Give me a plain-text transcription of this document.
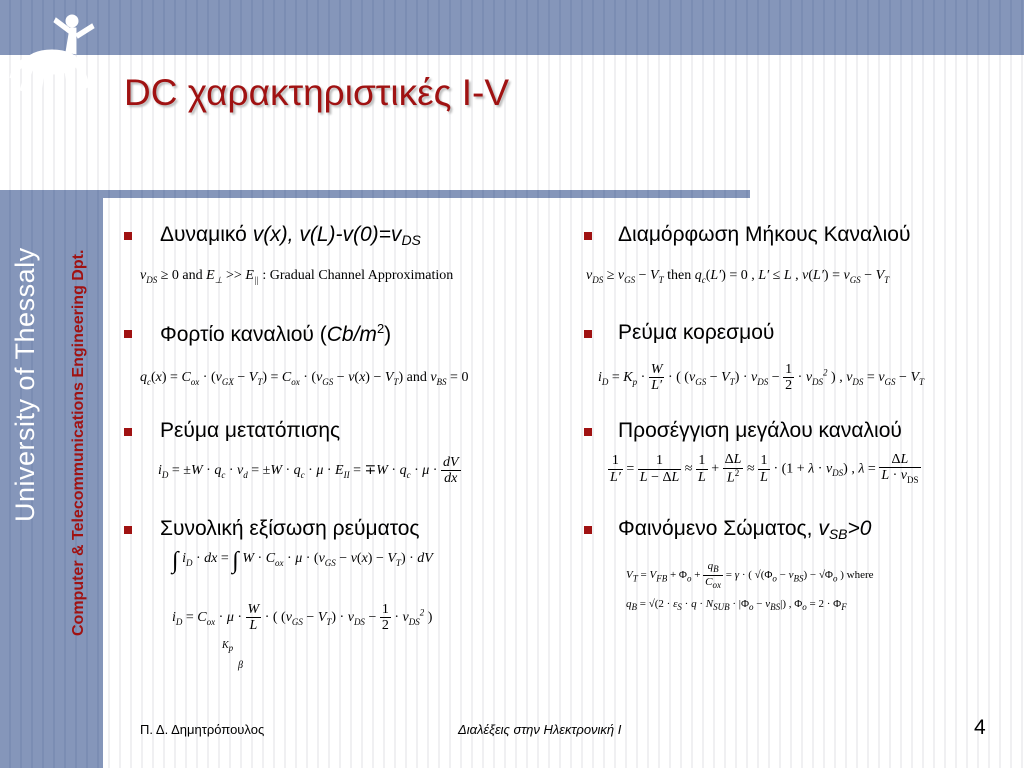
University of Thessaly Computer & Telecommunications Engineering Dpt.
DC χαρακτηριστικές I-V
Δυναμικό v(x), v(L)-v(0)=vDS
$v_{DS} \ge 0$ and $E_\perp >> E_{||}$ : Gradual Channel Approximation
Φορτίο καναλιού $(Cb/m^2)$
$q_c(x) = C_{ox} \cdot (v_{GX} - V_T) = C_{ox} \cdot (v_{GS} - v(x) - V_T)$ and $v_{BS} = 0$
Ρεύμα μετατόπισης
$i_D = \pm W \cdot q_c \cdot v_d = \pm W \cdot q_c \cdot \mu \cdot E_{II} = \mp W \cdot q_c \cdot \mu \cdot \frac{dV}{dx}$
Συνολική εξίσωση ρεύματος
∫ $i_D$ · dx = ∫ $W \cdot C_{ox} \cdot \mu \cdot (v_{GS} - v(x) - V_T)$ · dV
$i_D = C_{ox} \cdot \mu \cdot \frac{W}{L}$ · ( $(v_{GS} - V_T) \cdot v_{DS} - \frac{1}{2} \cdot v_{DS}^2$ )
$K_p$
β
Διαμόρφωση Μήκους Καναλιού
$v_{DS} \ge v_{GS} - V_T$ then $q_c(L') = 0$ , L′ ≤ L , $v(L') = v_{GS} - V_T$
Ρεύμα κορεσμού
$i_D = K_p \cdot \frac{W}{L'}$ · ( $(v_{GS} - V_T) \cdot v_{DS} - \frac{1}{2} \cdot v_{DS}^2$ ) , $v_{DS} = v_{GS} - V_T$
Προσέγγιση μεγάλου καναλιού
$\frac{1}{L'} = \frac{1}{L - \Delta L} \approx \frac{1}{L} + \frac{\Delta L}{L^2} \approx \frac{1}{L} \cdot (1 + \lambda \cdot v_{DS})$ , $\lambda = \frac{\Delta L}{L \cdot v_{DS}}$
Φαινόμενο Σώματος, vSB>0
$V_T = V_{FB} + \Phi_o + \frac{q_B}{C_{ox}} = \gamma$ · ( $√(\Phi_o - v_{BS}) - √\Phi_o$ ) where
$q_B = √(2 \cdot \varepsilon_S \cdot q \cdot N_{SUB} \cdot |\Phi_o - v_{BS}|)$ , $\Phi_o = 2 \cdot \Phi_F$
Π. Δ. Δημητρόπουλος	Διαλέξεις στην Ηλεκτρονική Ι	4
